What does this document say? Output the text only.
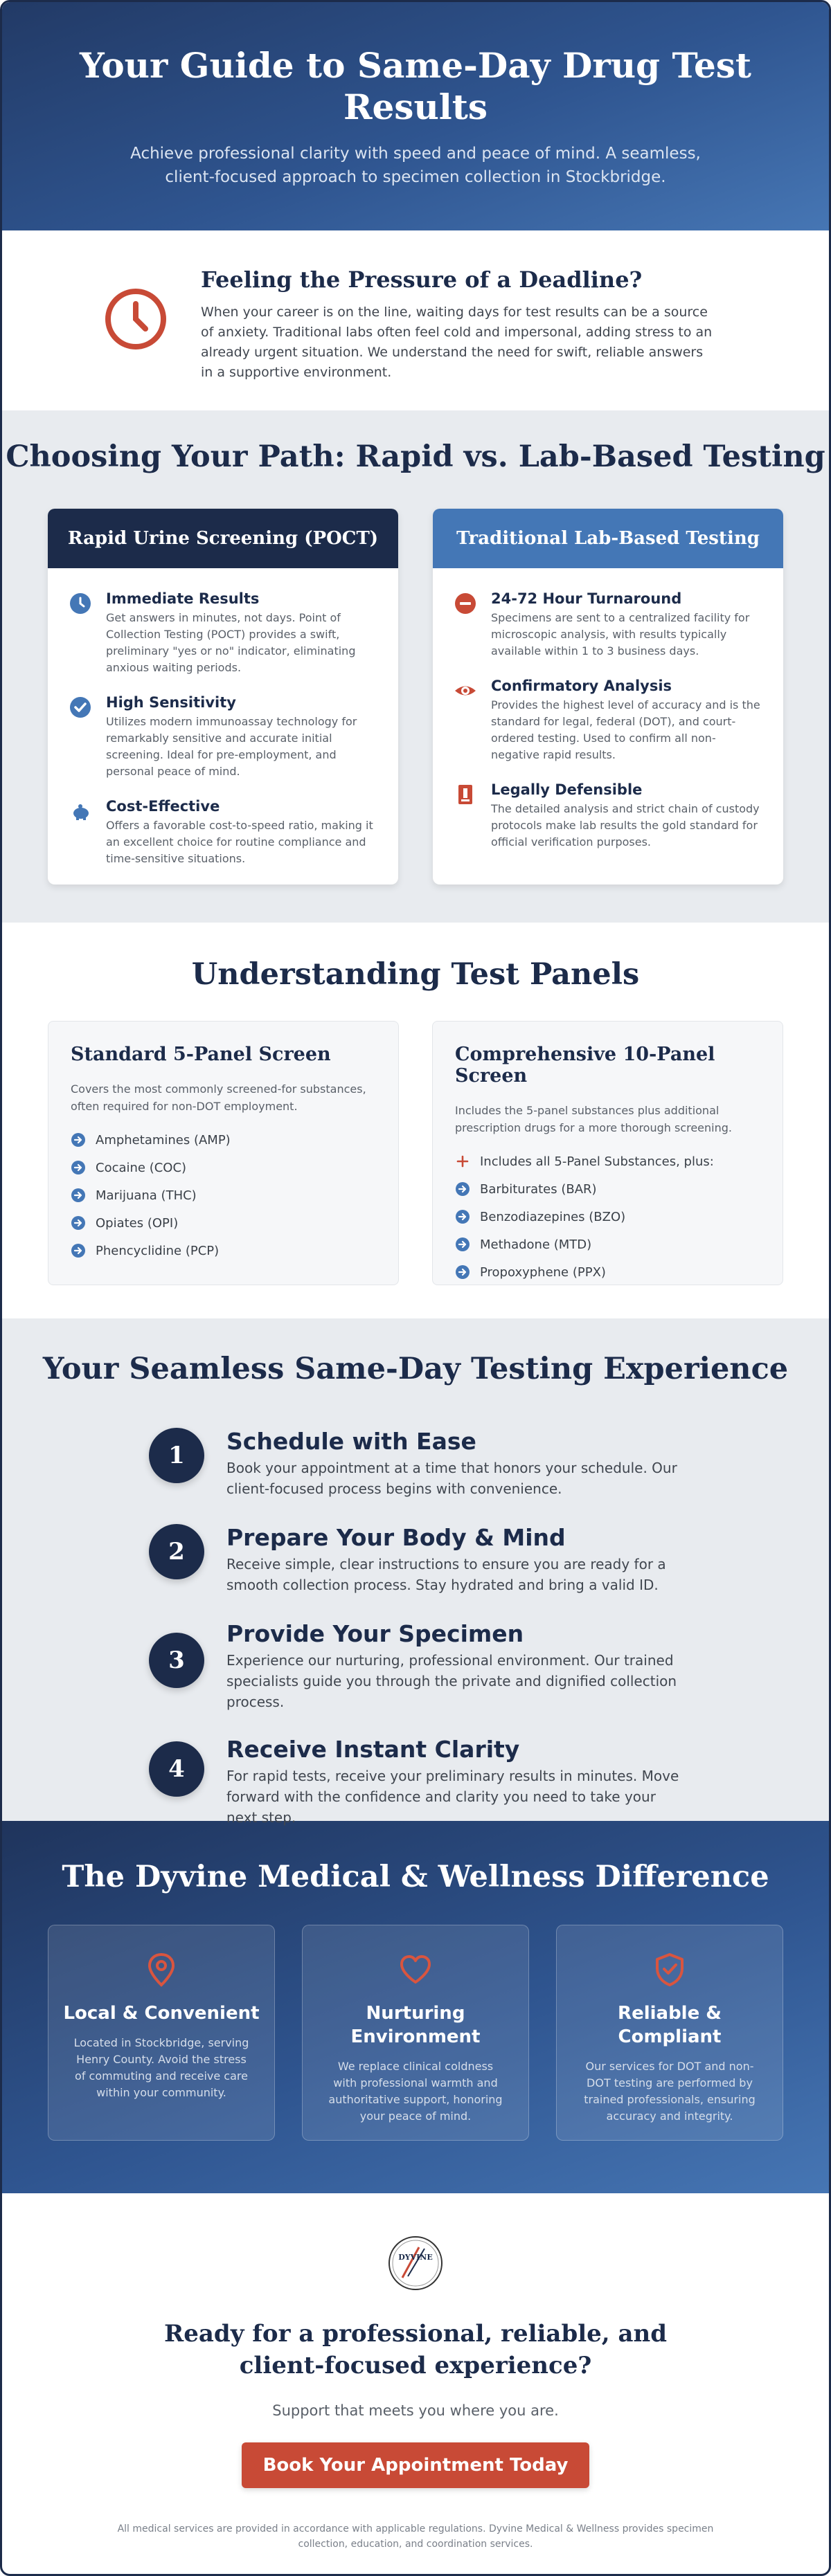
Your Guide to Same-Day Drug Test Results

Achieve professional clarity with speed and peace of mind. A seamless, client-focused approach to specimen collection in Stockbridge.

Feeling the Pressure of a Deadline?

When your career is on the line, waiting days for test results can be a source of anxiety. Traditional labs often feel cold and impersonal, adding stress to an already urgent situation. We understand the need for swift, reliable answers in a supportive environment.

Choosing Your Path: Rapid vs. Lab-Based Testing
Rapid Urine Screening (POCT)
Immediate Results

Get answers in minutes, not days. Point of Collection Testing (POCT) provides a swift, preliminary "yes or no" indicator, eliminating anxious waiting periods.

High Sensitivity

Utilizes modern immunoassay technology for remarkably sensitive and accurate initial screening. Ideal for pre-employment, and personal peace of mind.

Cost-Effective

Offers a favorable cost-to-speed ratio, making it an excellent choice for routine compliance and time-sensitive situations.

Traditional Lab-Based Testing
24-72 Hour Turnaround

Specimens are sent to a centralized facility for microscopic analysis, with results typically available within 1 to 3 business days.

Confirmatory Analysis

Provides the highest level of accuracy and is the standard for legal, federal (DOT), and court-ordered testing. Used to confirm all non-negative rapid results.

Legally Defensible

The detailed analysis and strict chain of custody protocols make lab results the gold standard for official verification purposes.

Understanding Test Panels
Standard 5-Panel Screen

Covers the most commonly screened-for substances, often required for non-DOT employment.

Amphetamines (AMP)
Cocaine (COC)
Marijuana (THC)
Opiates (OPI)
Phencyclidine (PCP)
Comprehensive 10-Panel Screen

Includes the 5-panel substances plus additional prescription drugs for a more thorough screening.

Includes all 5-Panel Substances, plus:
Barbiturates (BAR)
Benzodiazepines (BZO)
Methadone (MTD)
Propoxyphene (PPX)
Your Seamless Same-Day Testing Experience
1
Schedule with Ease

Book your appointment at a time that honors your schedule. Our client-focused process begins with convenience.

2
Prepare Your Body & Mind

Receive simple, clear instructions to ensure you are ready for a smooth collection process. Stay hydrated and bring a valid ID.

3
Provide Your Specimen

Experience our nurturing, professional environment. Our trained specialists guide you through the private and dignified collection process.

4
Receive Instant Clarity

For rapid tests, receive your preliminary results in minutes. Move forward with the confidence and clarity you need to take your next step.

The Dyvine Medical & Wellness Difference
Local & Convenient

Located in Stockbridge, serving Henry County. Avoid the stress of commuting and receive care within your community.

Nurturing Environment

We replace clinical coldness with professional warmth and authoritative support, honoring your peace of mind.

Reliable & Compliant

Our services for DOT and non-DOT testing are performed by trained professionals, ensuring accuracy and integrity.

DYVINE
Ready for a professional, reliable, and client-focused experience?

Support that meets you where you are.

Book Your Appointment Today

All medical services are provided in accordance with applicable regulations. Dyvine Medical & Wellness provides specimen collection, education, and coordination services.
